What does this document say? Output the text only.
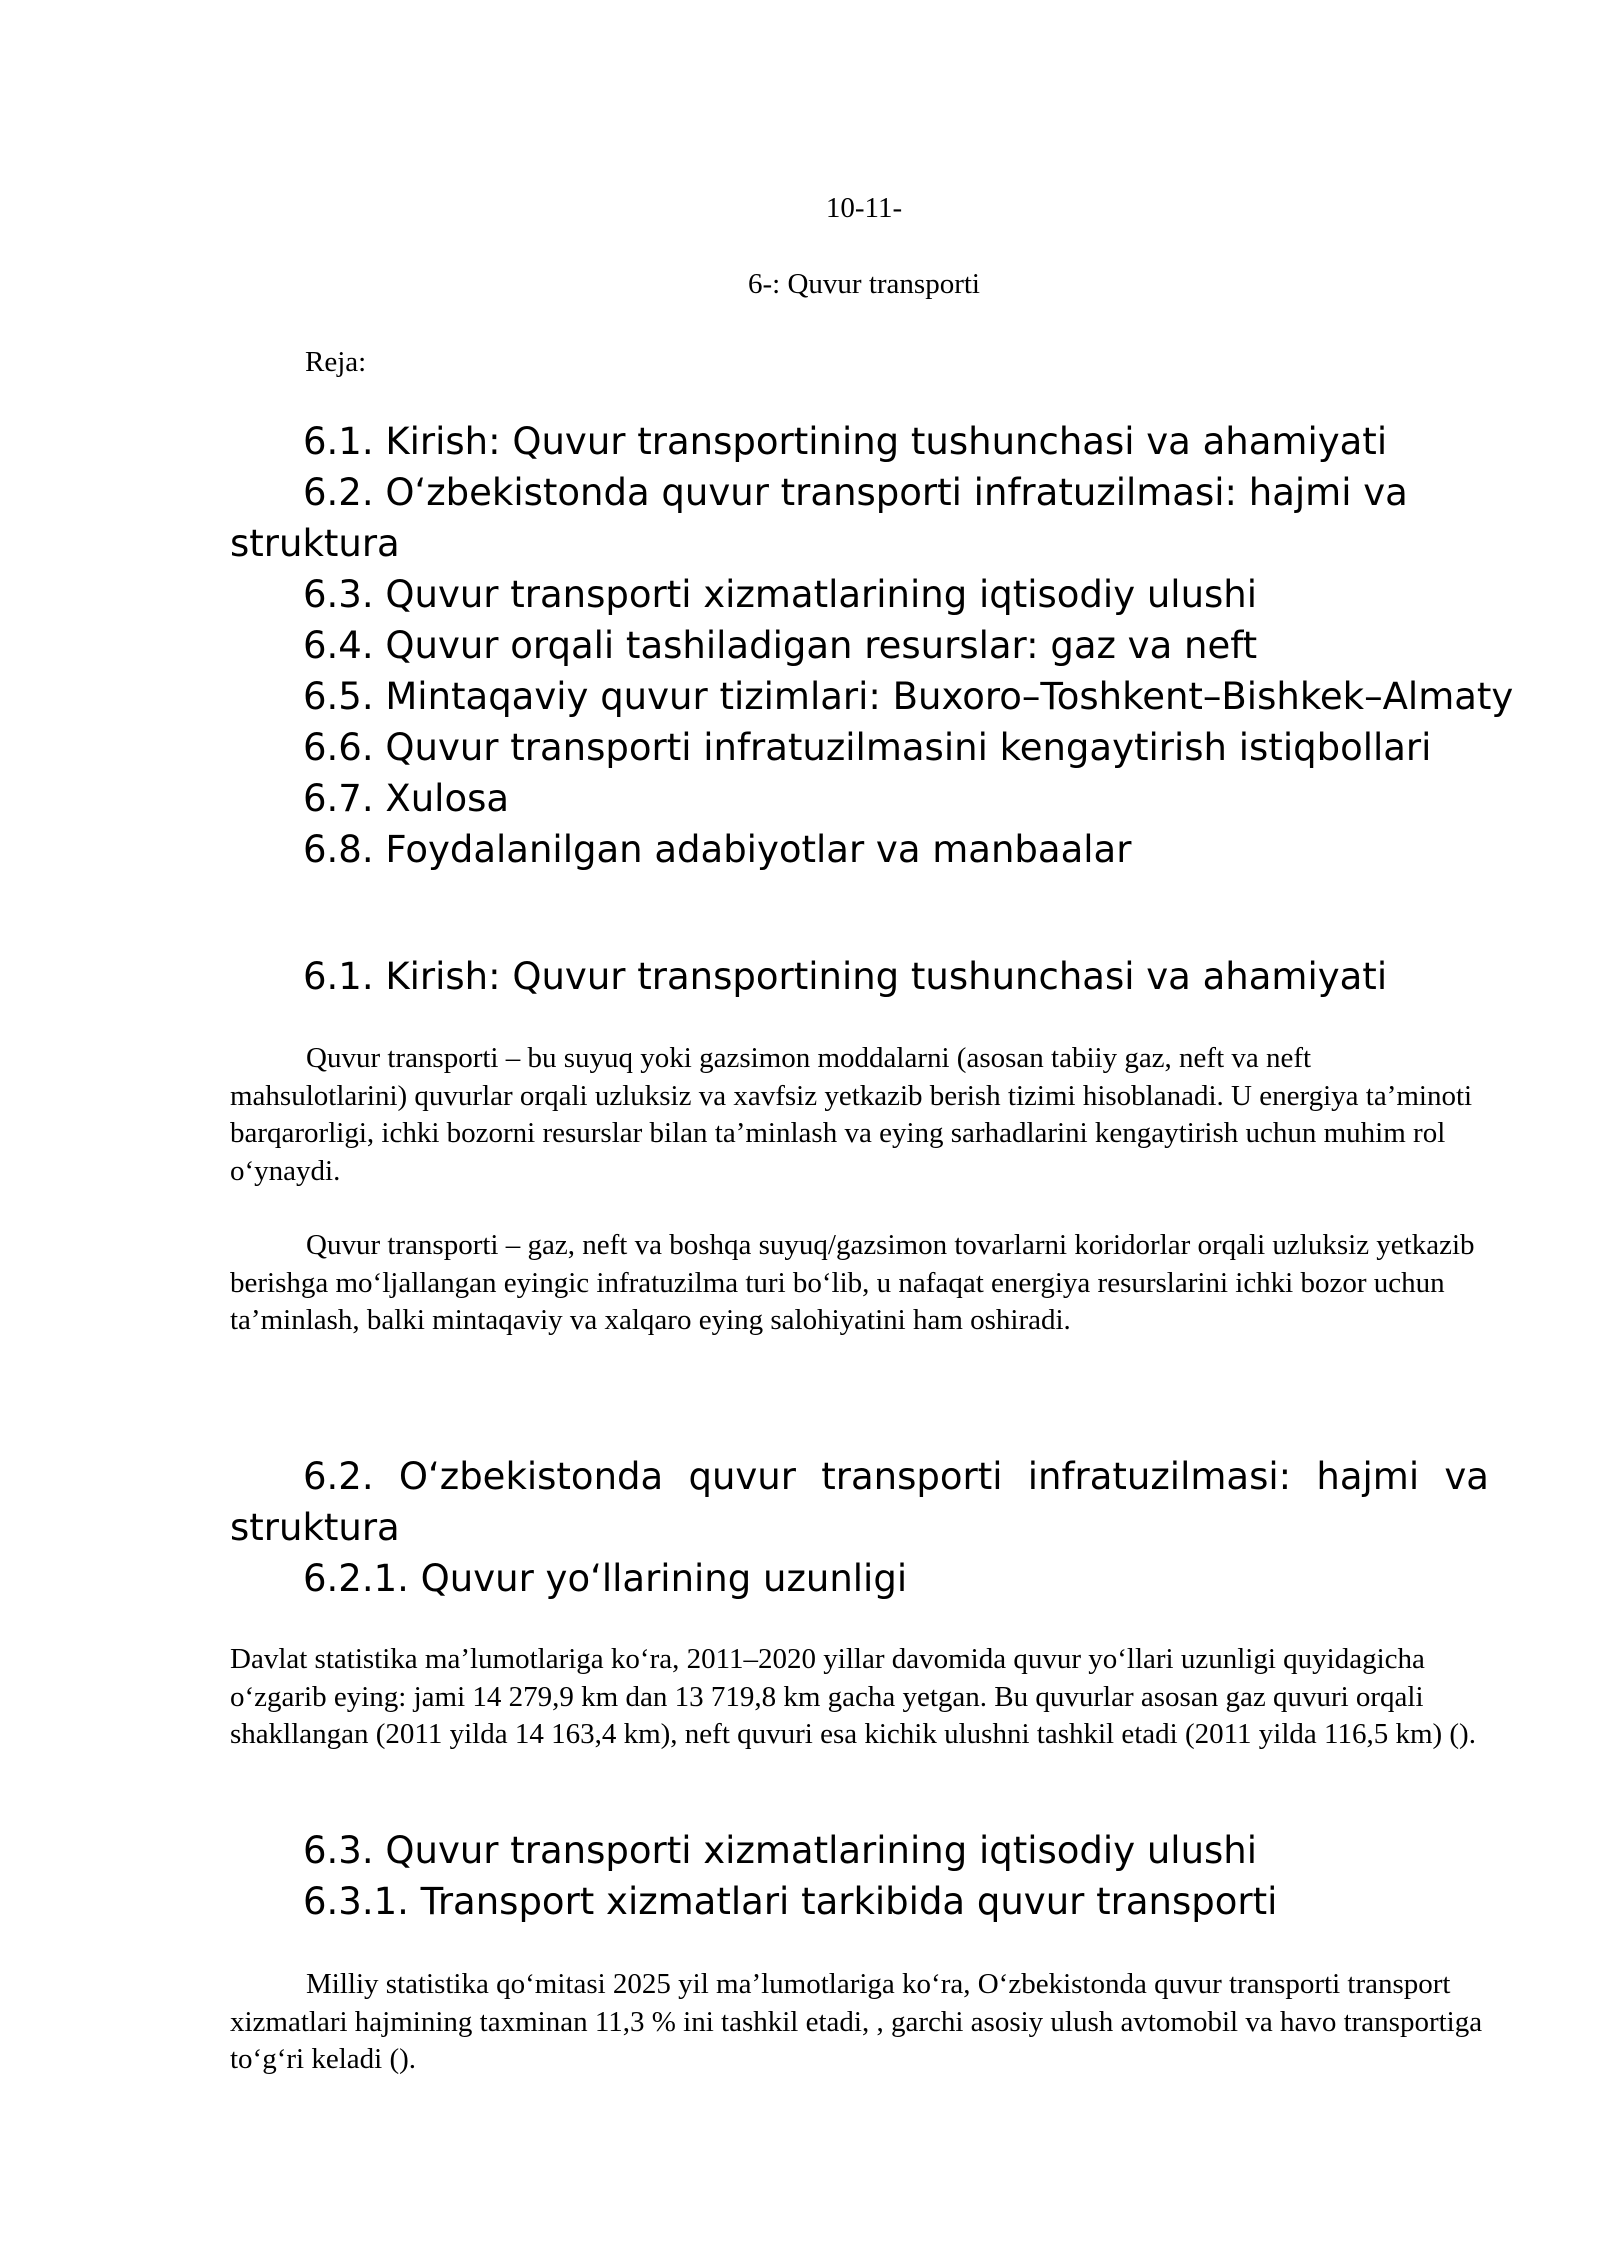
10-11-
6-: Quvur transporti
Reja:
6.1. Kirish: Quvur transportining tushunchasi va ahamiyati
6.2. O‘zbekistonda quvur transporti infratuzilmasi: hajmi va
struktura
6.3. Quvur transporti xizmatlarining iqtisodiy ulushi
6.4. Quvur orqali tashiladigan resurslar: gaz va neft
6.5. Mintaqaviy quvur tizimlari: Buxoro–Toshkent–Bishkek–Almaty
6.6. Quvur transporti infratuzilmasini kengaytirish istiqbollari
6.7. Xulosa
6.8. Foydalanilgan adabiyotlar va manbaalar
6.1. Kirish: Quvur transportining tushunchasi va ahamiyati

Quvur transporti – bu suyuq yoki gazsimon moddalarni (asosan tabiiy gaz, neft va neft mahsulotlarini) quvurlar orqali uzluksiz va xavfsiz yetkazib berish tizimi hisoblanadi. U energiya ta’minoti barqarorligi, ichki bozorni resurslar bilan ta’minlash va eying sarhadlarini kengaytirish uchun muhim rol o‘ynaydi.

Quvur transporti – gaz, neft va boshqa suyuq/gazsimon tovarlarni koridorlar orqali uzluksiz yetkazib berishga mo‘ljallangan eyingic infratuzilma turi bo‘lib, u nafaqat energiya resurslarini ichki bozor uchun ta’minlash, balki mintaqaviy va xalqaro eying salohiyatini ham oshiradi.

6.2. O‘zbekistonda quvur transporti infratuzilmasi: hajmi va
struktura
6.2.1. Quvur yo‘llarining uzunligi

Davlat statistika ma’lumotlariga ko‘ra, 2011–2020 yillar davomida quvur yo‘llari uzunligi quyidagicha o‘zgarib eying: jami 14 279,9 km dan 13 719,8 km gacha yetgan. Bu quvurlar asosan gaz quvuri orqali shakllangan (2011 yilda 14 163,4 km), neft quvuri esa kichik ulushni tashkil etadi (2011 yilda 116,5 km) ().

6.3. Quvur transporti xizmatlarining iqtisodiy ulushi
6.3.1. Transport xizmatlari tarkibida quvur transporti

Milliy statistika qo‘mitasi 2025 yil ma’lumotlariga ko‘ra, O‘zbekistonda quvur transporti transport xizmatlari hajmining taxminan 11,3 % ini tashkil etadi, , garchi asosiy ulush avtomobil va havo transportiga to‘g‘ri keladi ().
